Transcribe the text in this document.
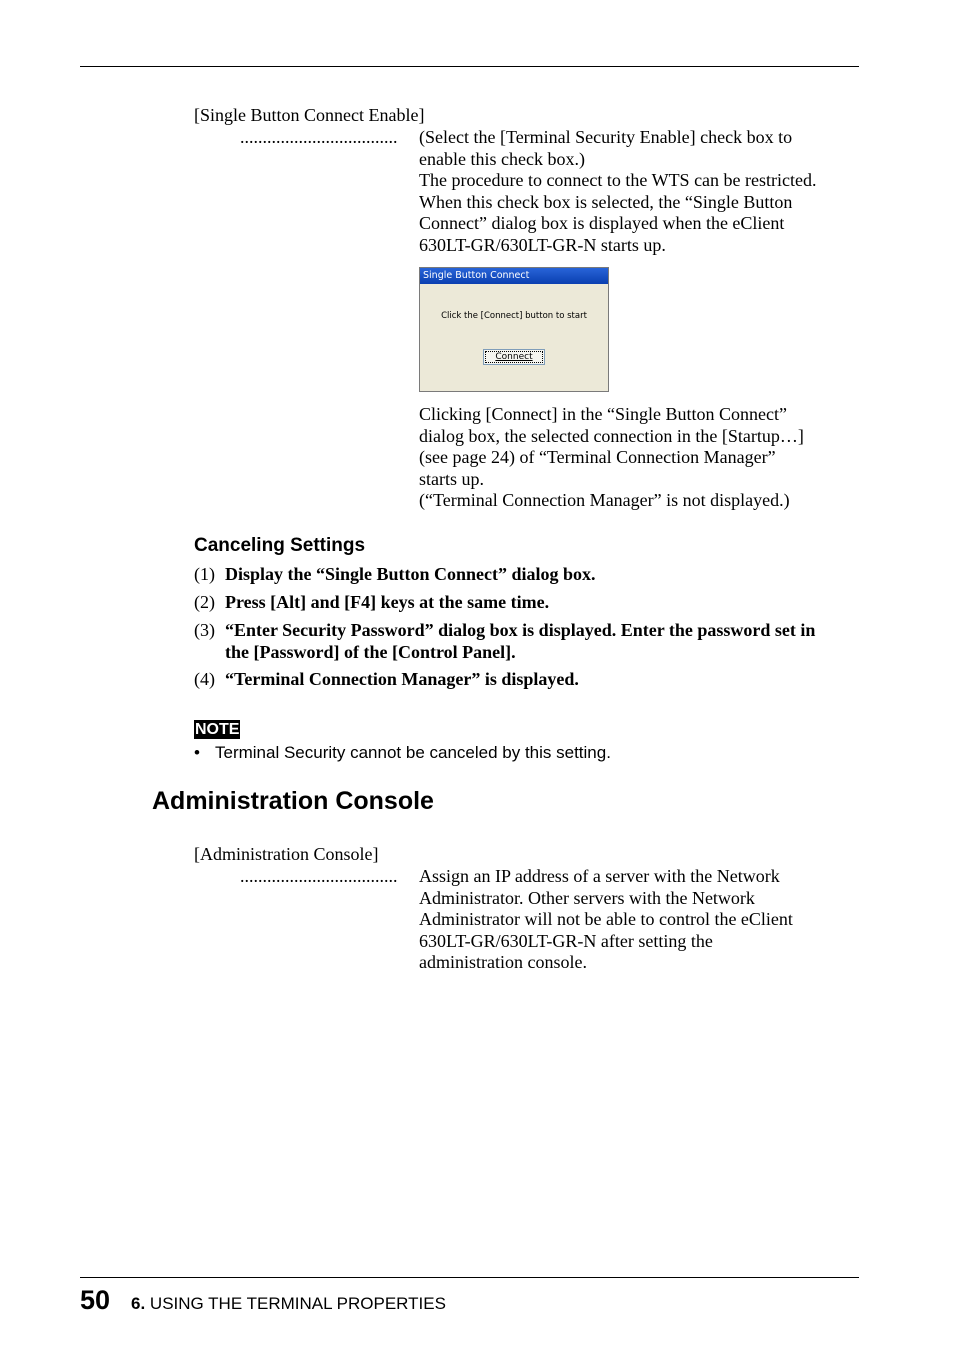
[Single Button Connect Enable]
...................................	(Select the [Terminal Security Enable] check box to
enable this check box.)
The procedure to connect to the WTS can be restricted.
When this check box is selected, the “Single Button
Connect” dialog box is displayed when the eClient
630LT-GR/630LT-GR-N starts up.
Single Button Connect
Click the [Connect] button to start
Connect
Clicking [Connect] in the “Single Button Connect”
dialog box, the selected connection in the [Startup…]
(see page 24) of “Terminal Connection Manager”
starts up.
(“Terminal Connection Manager” is not displayed.)
Canceling Settings
(1) Display the “Single Button Connect” dialog box.
(2) Press [Alt] and [F4] keys at the same time.
(3) “Enter Security Password” dialog box is displayed. Enter the password set in
the [Password] of the [Control Panel].
(4) “Terminal Connection Manager” is displayed.
NOTE
• Terminal Security cannot be canceled by this setting.
Administration Console
[Administration Console]
...................................	Assign an IP address of a server with the Network
Administrator. Other servers with the Network
Administrator will not be able to control the eClient
630LT-GR/630LT-GR-N after setting the
administration console.
50 6. USING THE TERMINAL PROPERTIES
